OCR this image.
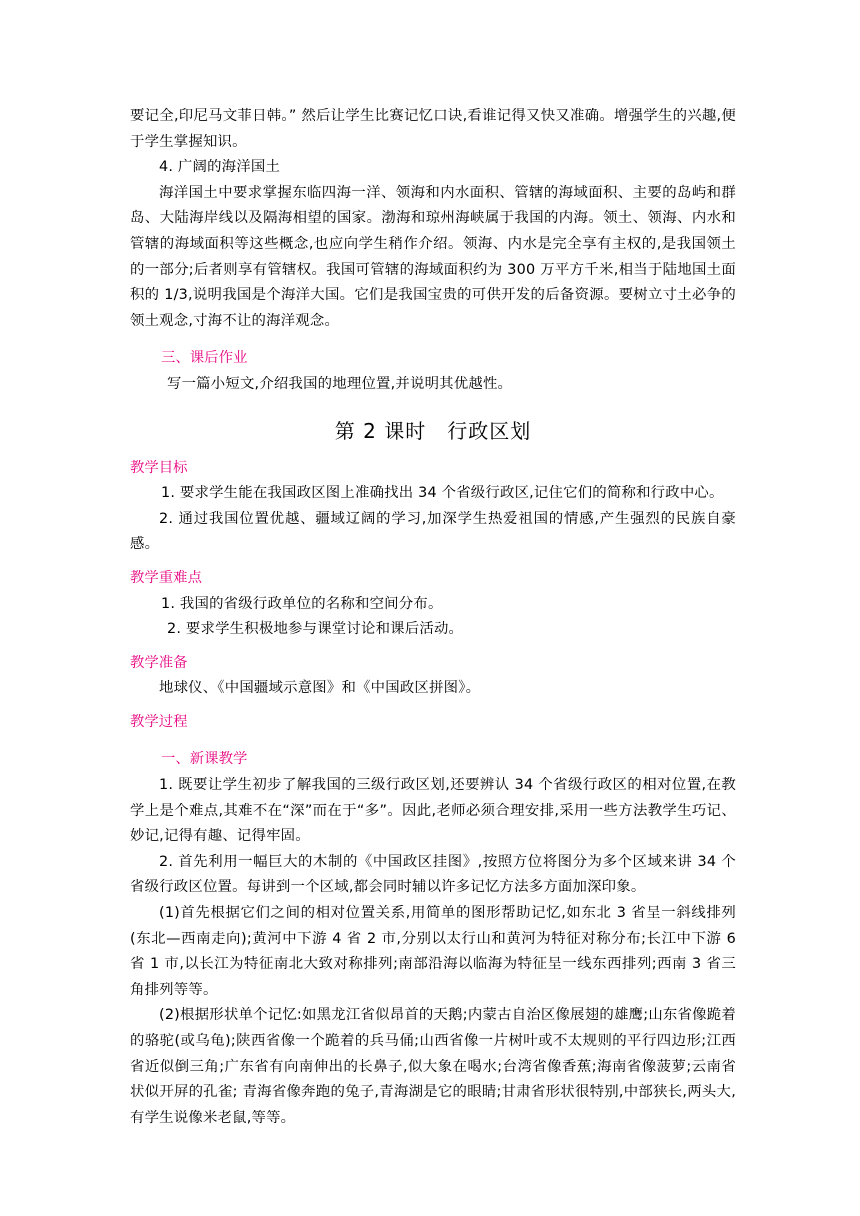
要记全,印尼马文菲日韩。” 然后让学生比赛记忆口诀,看谁记得又快又准确。增强学生的兴趣,便于学生掌握知识。

4. 广阔的海洋国土

海洋国土中要求掌握东临四海一洋、领海和内水面积、管辖的海域面积、主要的岛屿和群岛、大陆海岸线以及隔海相望的国家。渤海和琼州海峡属于我国的内海。领土、领海、内水和管辖的海域面积等这些概念,也应向学生稍作介绍。领海、内水是完全享有主权的,是我国领土的一部分;后者则享有管辖权。我国可管辖的海域面积约为 300 万平方千米,相当于陆地国土面积的 1/3,说明我国是个海洋大国。它们是我国宝贵的可供开发的后备资源。要树立寸土必争的领土观念,寸海不让的海洋观念。

三、课后作业

写一篇小短文,介绍我国的地理位置,并说明其优越性。

第 2 课时　行政区划

教学目标

1. 要求学生能在我国政区图上准确找出 34 个省级行政区,记住它们的简称和行政中心。

2. 通过我国位置优越、疆域辽阔的学习,加深学生热爱祖国的情感,产生强烈的民族自豪感。

教学重难点

1. 我国的省级行政单位的名称和空间分布。

2. 要求学生积极地参与课堂讨论和课后活动。

教学准备

地球仪、《中国疆域示意图》和《中国政区拼图》。

教学过程

一、新课教学

1. 既要让学生初步了解我国的三级行政区划,还要辨认 34 个省级行政区的相对位置,在教学上是个难点,其难不在“深”而在于“多”。因此,老师必须合理安排,采用一些方法教学生巧记、妙记,记得有趣、记得牢固。

2. 首先利用一幅巨大的木制的《中国政区挂图》,按照方位将图分为多个区域来讲 34 个省级行政区位置。每讲到一个区域,都会同时辅以许多记忆方法多方面加深印象。

(1)首先根据它们之间的相对位置关系,用简单的图形帮助记忆,如东北 3 省呈一斜线排列(东北—西南走向);黄河中下游 4 省 2 市,分别以太行山和黄河为特征对称分布;长江中下游 6 省 1 市,以长江为特征南北大致对称排列;南部沿海以临海为特征呈一线东西排列;西南 3 省三角排列等等。

(2)根据形状单个记忆:如黑龙江省似昂首的天鹅;内蒙古自治区像展翅的雄鹰;山东省像跪着的骆驼(或乌龟);陕西省像一个跪着的兵马俑;山西省像一片树叶或不太规则的平行四边形;江西省近似倒三角;广东省有向南伸出的长鼻子,似大象在喝水;台湾省像香蕉;海南省像菠萝;云南省状似开屏的孔雀; 青海省像奔跑的兔子,青海湖是它的眼睛;甘肃省形状很特别,中部狭长,两头大,有学生说像米老鼠,等等。
